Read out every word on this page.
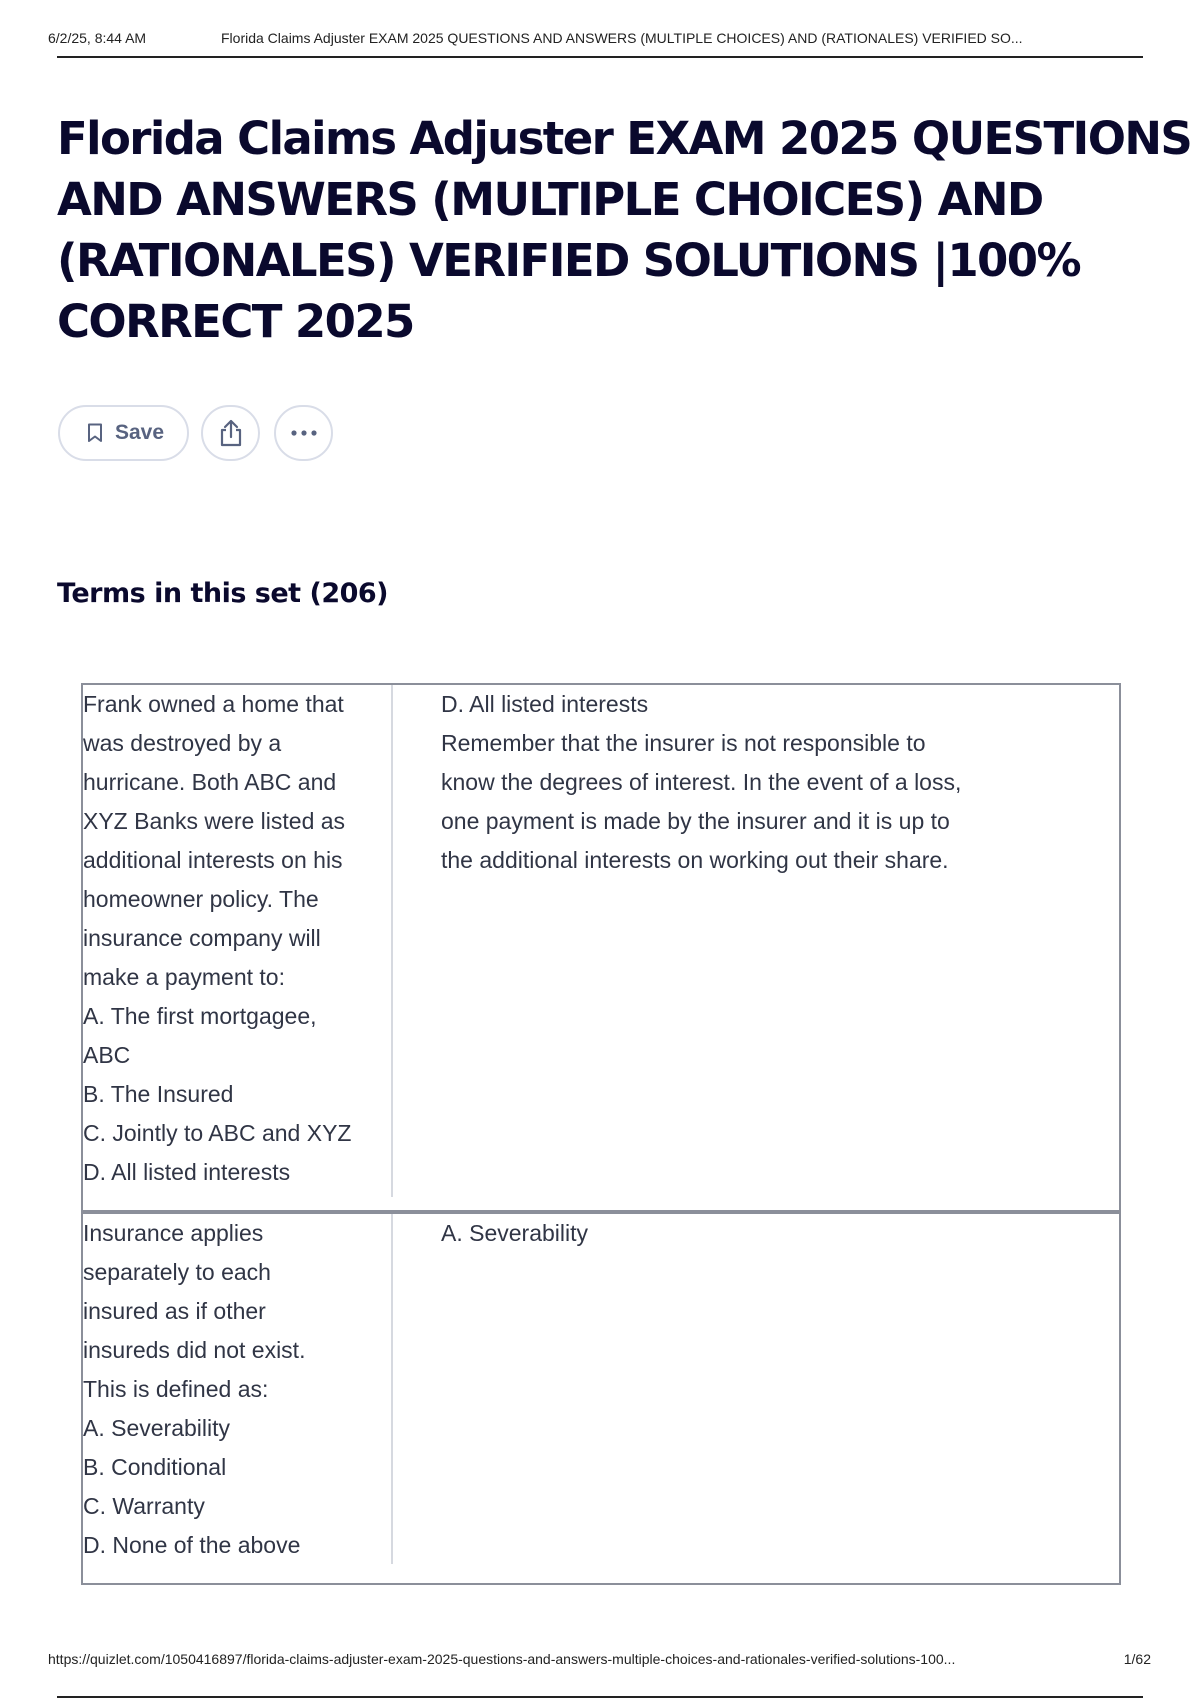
6/2/25, 8:44 AM	Florida Claims Adjuster EXAM 2025 QUESTIONS AND ANSWERS (MULTIPLE CHOICES) AND (RATIONALES) VERIFIED SO...
Florida Claims Adjuster EXAM 2025 QUESTIONS
AND ANSWERS (MULTIPLE CHOICES) AND
(RATIONALES) VERIFIED SOLUTIONS |100%
CORRECT 2025
Save
Terms in this set (206)
Frank owned a home that
was destroyed by a
hurricane. Both ABC and
XYZ Banks were listed as
additional interests on his
homeowner policy. The
insurance company will
make a payment to:
A. The first mortgagee,
ABC
B. The Insured
C. Jointly to ABC and XYZ
D. All listed interests
D. All listed interests
Remember that the insurer is not responsible to
know the degrees of interest. In the event of a loss,
one payment is made by the insurer and it is up to
the additional interests on working out their share.
Insurance applies
separately to each
insured as if other
insureds did not exist.
This is defined as:
A. Severability
B. Conditional
C. Warranty
D. None of the above
A. Severability
https://quizlet.com/1050416897/florida-claims-adjuster-exam-2025-questions-and-answers-multiple-choices-and-rationales-verified-solutions-100...	1/62
